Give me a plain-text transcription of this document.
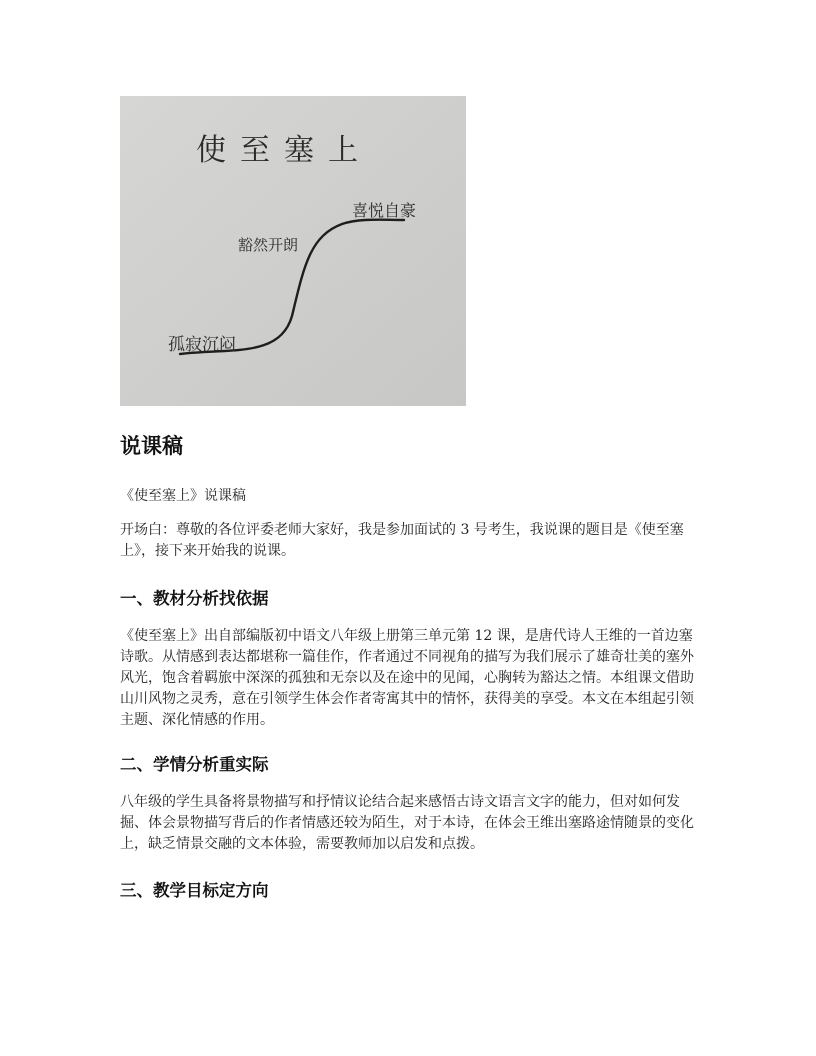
使至塞上
孤寂沉闷
豁然开朗
喜悦自豪
说课稿

《使至塞上》说课稿

开场白：尊敬的各位评委老师大家好，我是参加面试的 3 号考生，我说课的题目是《使至塞上》，接下来开始我的说课。

一、教材分析找依据

《使至塞上》出自部编版初中语文八年级上册第三单元第 12 课，是唐代诗人王维的一首边塞诗歌。从情感到表达都堪称一篇佳作，作者通过不同视角的描写为我们展示了雄奇壮美的塞外风光，饱含着羁旅中深深的孤独和无奈以及在途中的见闻，心胸转为豁达之情。本组课文借助山川风物之灵秀，意在引领学生体会作者寄寓其中的情怀，获得美的享受。本文在本组起引领主题、深化情感的作用。

二、学情分析重实际

八年级的学生具备将景物描写和抒情议论结合起来感悟古诗文语言文字的能力，但对如何发掘、体会景物描写背后的作者情感还较为陌生，对于本诗，在体会王维出塞路途情随景的变化上，缺乏情景交融的文本体验，需要教师加以启发和点拨。

三、教学目标定方向
